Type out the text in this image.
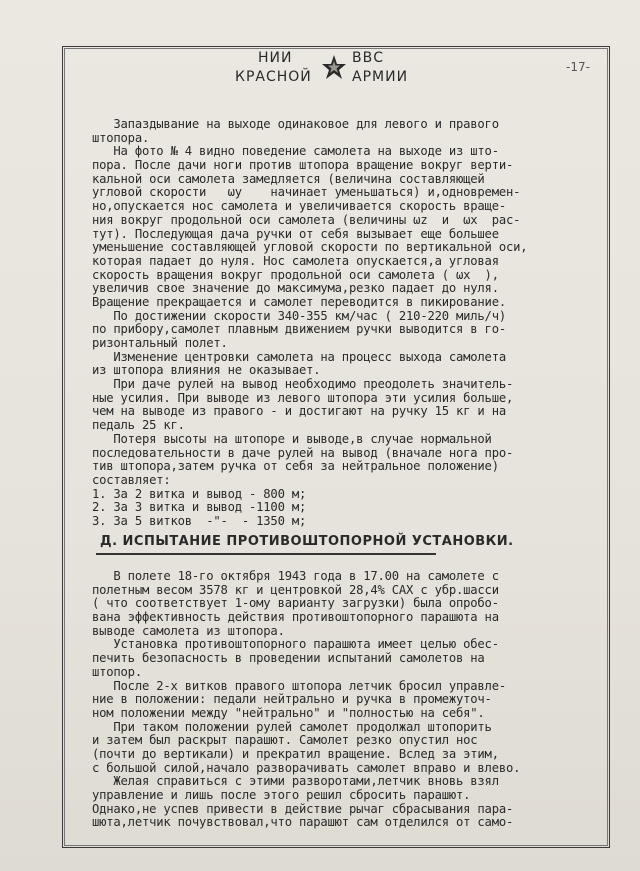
НИИ	ВВС
КРАСНОЙ	АРМИИ
-17-
Запаздывание на выходе одинаковое для левого и правого
штопора.
На фото № 4 видно поведение самолета на выходе из што-
пора. После дачи ноги против штопора вращение вокруг верти-
кальной оси самолета замедляется (величина составляющей
угловой скорости   ωy    начинает уменьшаться) и,одновремен-
но,опускается нос самолета и увеличивается скорость враще-
ния вокруг продольной оси самолета (величины ωz  и  ωx  рас-
тут). Последующая дача ручки от себя вызывает еще большее
уменьшение составляющей угловой скорости по вертикальной оси,
которая падает до нуля. Нос самолета опускается,а угловая
скорость вращения вокруг продольной оси самолета ( ωx  ),
увеличив свое значение до максимума,резко падает до нуля.
Вращение прекращается и самолет переводится в пикирование.
По достижении скорости 340-355 км/час ( 210-220 миль/ч)
по прибору,самолет плавным движением ручки выводится в го-
ризонтальный полет.
Изменение центровки самолета на процесс выхода самолета
из штопора влияния не оказывает.
При даче рулей на вывод необходимо преодолеть значитель-
ные усилия. При выводе из левого штопора эти усилия больше,
чем на выводе из правого - и достигают на ручку 15 кг и на
педаль 25 кг.
Потеря высоты на штопоре и выводе,в случае нормальной
последовательности в даче рулей на вывод (вначале нога про-
тив штопора,затем ручка от себя за нейтральное положение)
составляет:
1. За 2 витка и вывод - 800 м;
2. За 3 витка и вывод -1100 м;
3. За 5 витков  -"-  - 1350 м;
Д. ИСПЫТАНИЕ ПРОТИВОШТОПОРНОЙ УСТАНОВКИ.
В полете 18-го октября 1943 года в 17.00 на самолете с
полетным весом 3578 кг и центровкой 28,4% САХ с убр.шасси
( что соответствует 1-ому варианту загрузки) была опробо-
вана эффективность действия противоштопорного парашюта на
выводе самолета из штопора.
Установка противоштопорного парашюта имеет целью обес-
печить безопасность в проведении испытаний самолетов на
штопор.
После 2-х витков правого штопора летчик бросил управле-
ние в положении: педали нейтрально и ручка в промежуточ-
ном положении между "нейтрально" и "полностью на себя".
При таком положении рулей самолет продолжал штопорить
и затем был раскрыт парашют. Самолет резко опустил нос
(почти до вертикали) и прекратил вращение. Вслед за этим,
с большой силой,начало разворачивать самолет вправо и влево.
Желая справиться с этими разворотами,летчик вновь взял
управление и лишь после этого решил сбросить парашют.
Однако,не успев привести в действие рычаг сбрасывания пара-
шюта,летчик почувствовал,что парашют сам отделился от само-
